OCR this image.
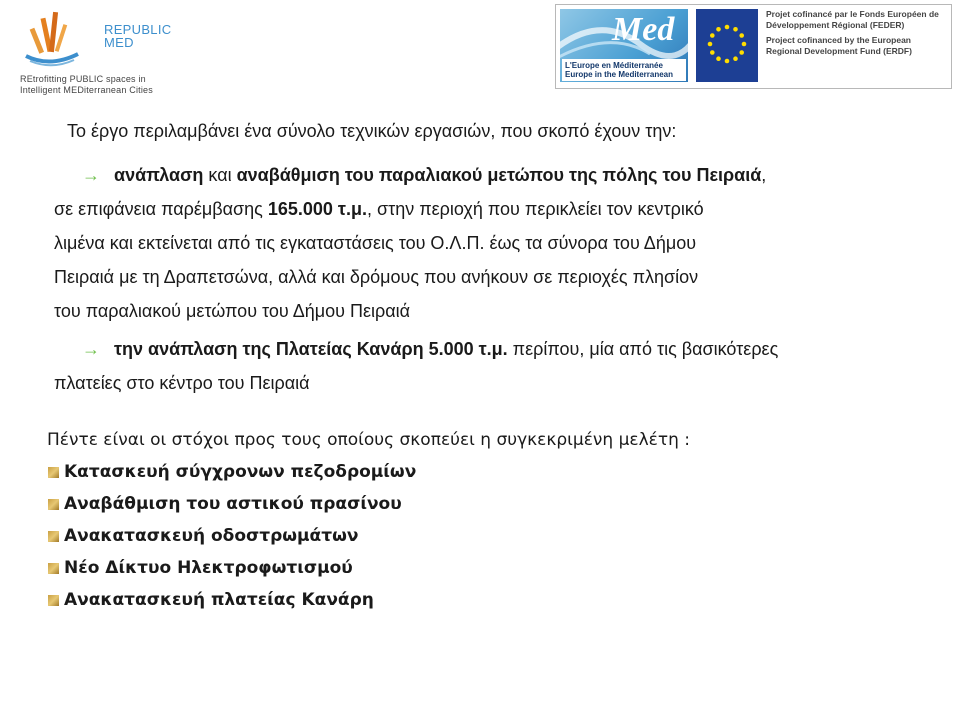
REPUBLIC
MED
REtrofitting PUBLIC spaces in
Intelligent MEDiterranean Cities
Med
L'Europe en Méditerranée
Europe in the Mediterranean

Projet cofinancé par le Fonds Européen de Développement Régional (FEDER)

Project cofinanced by the European Regional Development Fund (ERDF)

Το έργο περιλαμβάνει ένα σύνολο τεχνικών εργασιών, που σκοπό έχουν την:
→ ανάπλαση και αναβάθμιση του παραλιακού μετώπου της πόλης του Πειραιά,
σε επιφάνεια παρέμβασης 165.000 τ.μ., στην περιοχή που περικλείει τον κεντρικό
λιμένα και εκτείνεται από τις εγκαταστάσεις του Ο.Λ.Π. έως τα σύνορα του Δήμου
Πειραιά με τη Δραπετσώνα, αλλά και δρόμους που ανήκουν σε περιοχές πλησίον
του παραλιακού μετώπου του Δήμου Πειραιά
→ την ανάπλαση της Πλατείας Κανάρη 5.000 τ.μ. περίπου, μία από τις βασικότερες
πλατείες στο κέντρο του Πειραιά
Πέντε είναι οι στόχοι προς τους οποίους σκοπεύει η συγκεκριμένη μελέτη :
Κατασκευή σύγχρονων πεζοδρομίων
Αναβάθμιση του αστικού πρασίνου
Ανακατασκευή οδοστρωμάτων
Νέο Δίκτυο Ηλεκτροφωτισμού
Ανακατασκευή πλατείας Κανάρη
